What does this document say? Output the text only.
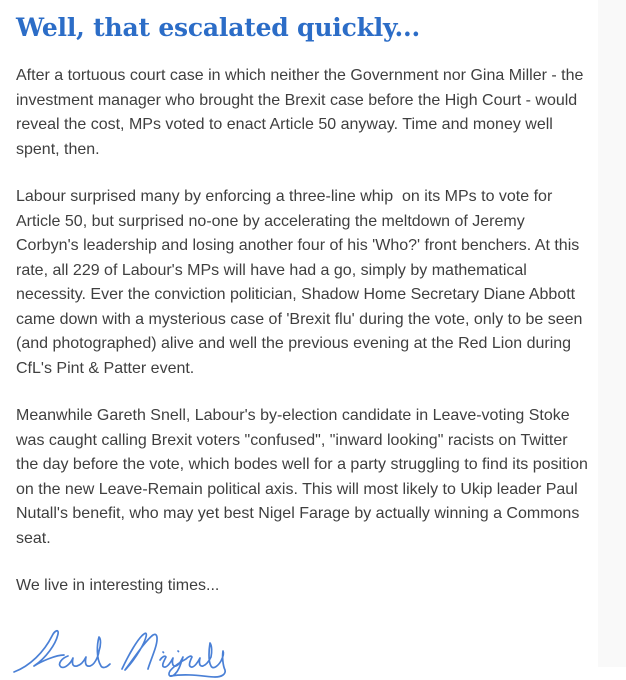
Well, that escalated quickly...

After a tortuous court case in which neither the Government nor Gina Miller - the investment manager who brought the Brexit case before the High Court - would reveal the cost, MPs voted to enact Article 50 anyway. Time and money well spent, then.

Labour surprised many by enforcing a three-line whip  on its MPs to vote for Article 50, but surprised no-one by accelerating the meltdown of Jeremy Corbyn's leadership and losing another four of his 'Who?' front benchers. At this rate, all 229 of Labour's MPs will have had a go, simply by mathematical necessity. Ever the conviction politician, Shadow Home Secretary Diane Abbott came down with a mysterious case of 'Brexit flu' during the vote, only to be seen (and photographed) alive and well the previous evening at the Red Lion during CfL's Pint & Patter event.

Meanwhile Gareth Snell, Labour's by-election candidate in Leave-voting Stoke was caught calling Brexit voters "confused", "inward looking" racists on Twitter the day before the vote, which bodes well for a party struggling to find its position on the new Leave-Remain political axis. This will most likely to Ukip leader Paul Nutall's benefit, who may yet best Nigel Farage by actually winning a Commons seat.

We live in interesting times...
